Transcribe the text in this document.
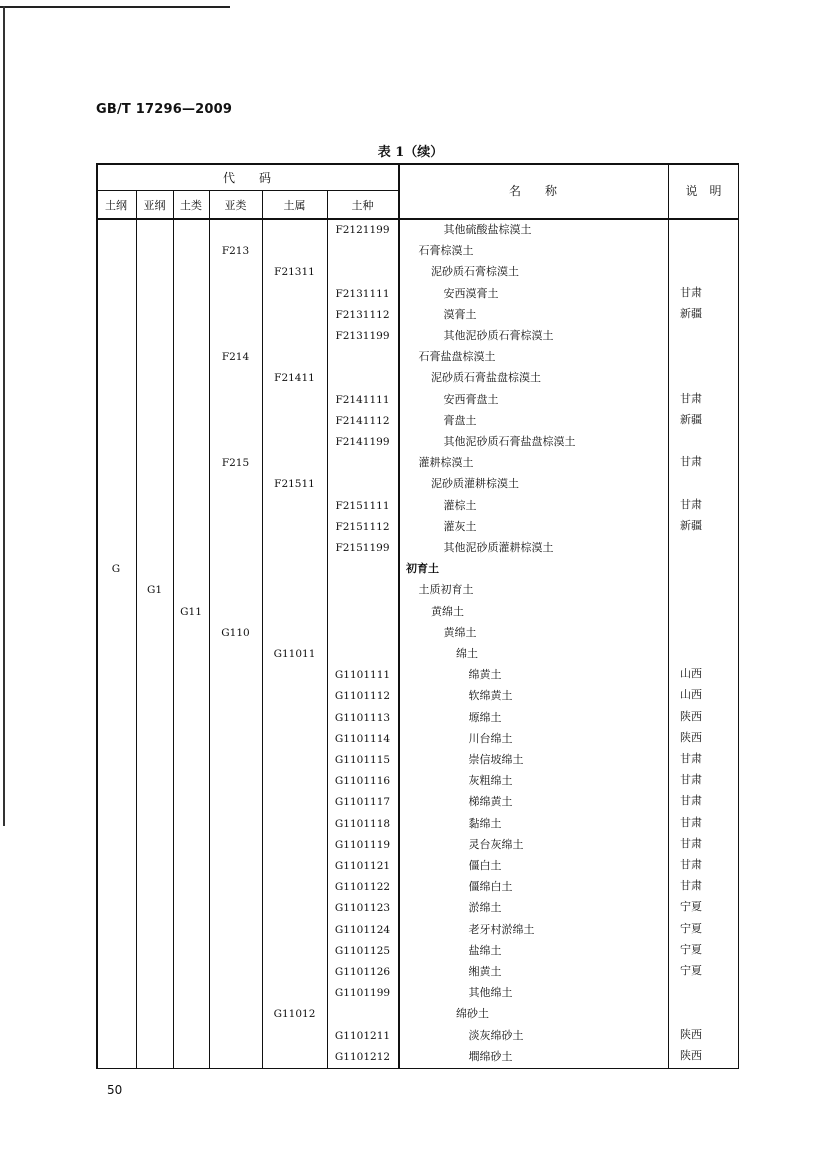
GB/T 17296—2009
表 1（续）
代　　码
土纲	亚纲	土类	亚类	土属	土种
名　　称	说　明
F2121199	其他硫酸盐棕漠土
F213	石膏棕漠土
F21311	泥砂质石膏棕漠土
F2131111	安西漠膏土	甘肃
F2131112	漠膏土	新疆
F2131199	其他泥砂质石膏棕漠土
F214	石膏盐盘棕漠土
F21411	泥砂质石膏盐盘棕漠土
F2141111	安西膏盘土	甘肃
F2141112	膏盘土	新疆
F2141199	其他泥砂质石膏盐盘棕漠土
F215	灌耕棕漠土	甘肃
F21511	泥砂质灌耕棕漠土
F2151111	灌棕土	甘肃
F2151112	灌灰土	新疆
F2151199	其他泥砂质灌耕棕漠土
G	初育土
G1	土质初育土
G11	黄绵土
G110	黄绵土
G11011	绵土
G1101111	绵黄土	山西
G1101112	软绵黄土	山西
G1101113	塬绵土	陕西
G1101114	川台绵土	陕西
G1101115	崇信坡绵土	甘肃
G1101116	灰粗绵土	甘肃
G1101117	梯绵黄土	甘肃
G1101118	黏绵土	甘肃
G1101119	灵台灰绵土	甘肃
G1101121	僵白土	甘肃
G1101122	僵绵白土	甘肃
G1101123	淤绵土	宁夏
G1101124	老牙村淤绵土	宁夏
G1101125	盐绵土	宁夏
G1101126	缃黄土	宁夏
G1101199	其他绵土
G11012	绵砂土
G1101211	淡灰绵砂土	陕西
G1101212	墹绵砂土	陕西
50
